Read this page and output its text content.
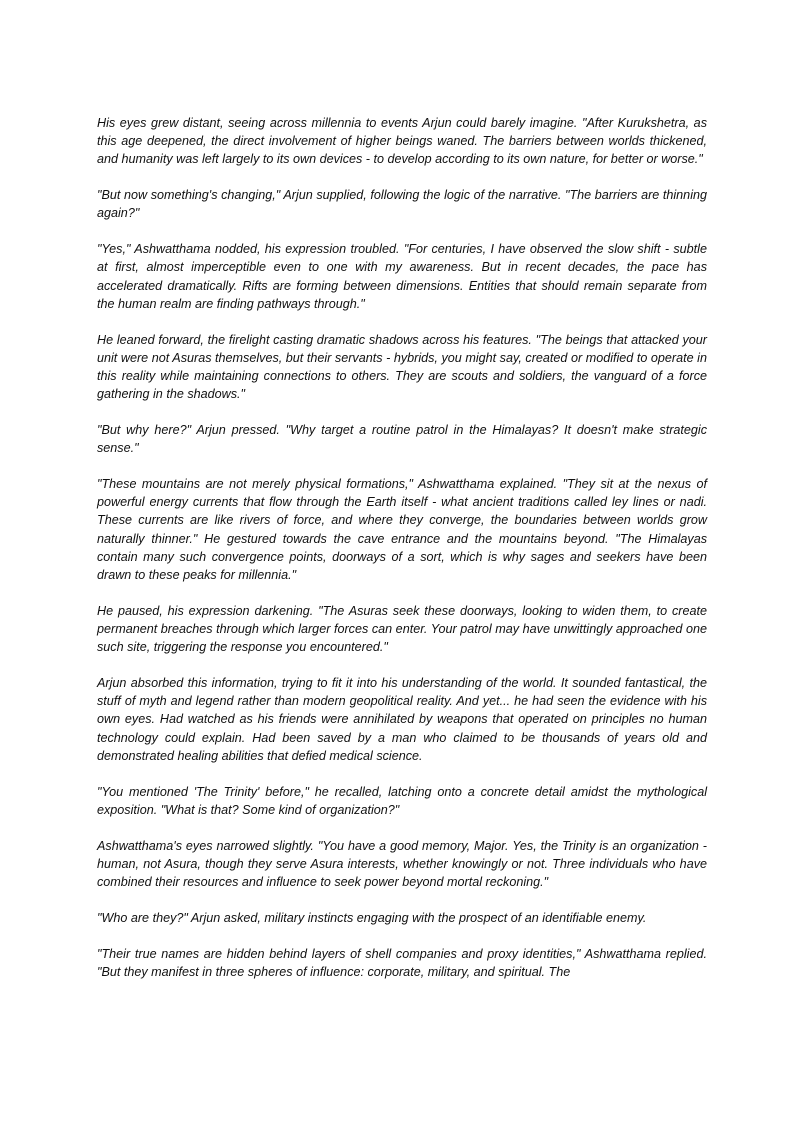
His eyes grew distant, seeing across millennia to events Arjun could barely imagine. "After Kurukshetra, as this age deepened, the direct involvement of higher beings waned. The barriers between worlds thickened, and humanity was left largely to its own devices - to develop according to its own nature, for better or worse."

"But now something's changing," Arjun supplied, following the logic of the narrative. "The barriers are thinning again?"

"Yes," Ashwatthama nodded, his expression troubled. "For centuries, I have observed the slow shift - subtle at first, almost imperceptible even to one with my awareness. But in recent decades, the pace has accelerated dramatically. Rifts are forming between dimensions. Entities that should remain separate from the human realm are finding pathways through."

He leaned forward, the firelight casting dramatic shadows across his features. "The beings that attacked your unit were not Asuras themselves, but their servants - hybrids, you might say, created or modified to operate in this reality while maintaining connections to others. They are scouts and soldiers, the vanguard of a force gathering in the shadows."

"But why here?" Arjun pressed. "Why target a routine patrol in the Himalayas? It doesn't make strategic sense."

"These mountains are not merely physical formations," Ashwatthama explained. "They sit at the nexus of powerful energy currents that flow through the Earth itself - what ancient traditions called ley lines or nadi. These currents are like rivers of force, and where they converge, the boundaries between worlds grow naturally thinner." He gestured towards the cave entrance and the mountains beyond. "The Himalayas contain many such convergence points, doorways of a sort, which is why sages and seekers have been drawn to these peaks for millennia."

He paused, his expression darkening. "The Asuras seek these doorways, looking to widen them, to create permanent breaches through which larger forces can enter. Your patrol may have unwittingly approached one such site, triggering the response you encountered."

Arjun absorbed this information, trying to fit it into his understanding of the world. It sounded fantastical, the stuff of myth and legend rather than modern geopolitical reality. And yet... he had seen the evidence with his own eyes. Had watched as his friends were annihilated by weapons that operated on principles no human technology could explain. Had been saved by a man who claimed to be thousands of years old and demonstrated healing abilities that defied medical science.

"You mentioned 'The Trinity' before," he recalled, latching onto a concrete detail amidst the mythological exposition. "What is that? Some kind of organization?"

Ashwatthama's eyes narrowed slightly. "You have a good memory, Major. Yes, the Trinity is an organization - human, not Asura, though they serve Asura interests, whether knowingly or not. Three individuals who have combined their resources and influence to seek power beyond mortal reckoning."

"Who are they?" Arjun asked, military instincts engaging with the prospect of an identifiable enemy.

"Their true names are hidden behind layers of shell companies and proxy identities," Ashwatthama replied. "But they manifest in three spheres of influence: corporate, military, and spiritual. The
